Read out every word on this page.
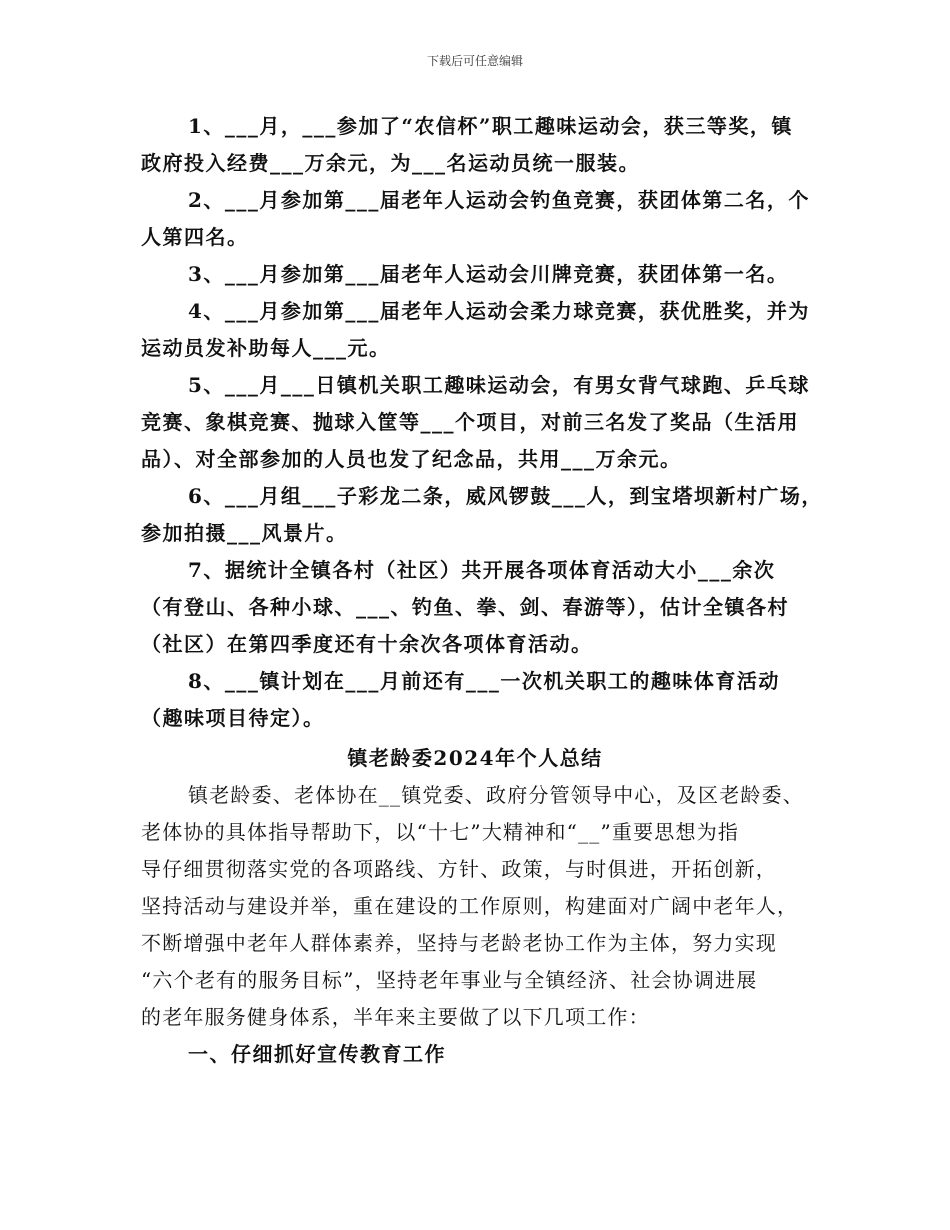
下载后可任意编辑
1、___月，___参加了“农信杯”职工趣味运动会，获三等奖，镇
政府投入经费___万余元，为___名运动员统一服装。
2、___月参加第___届老年人运动会钓鱼竞赛，获团体第二名，个
人第四名。
3、___月参加第___届老年人运动会川牌竞赛，获团体第一名。
4、___月参加第___届老年人运动会柔力球竞赛，获优胜奖，并为
运动员发补助每人___元。
5、___月___日镇机关职工趣味运动会，有男女背气球跑、乒乓球
竞赛、象棋竞赛、抛球入筐等___个项目，对前三名发了奖品（生活用
品）、对全部参加的人员也发了纪念品，共用___万余元。
6、___月组___子彩龙二条，威风锣鼓___人，到宝塔坝新村广场，
参加拍摄___风景片。
7、据统计全镇各村（社区）共开展各项体育活动大小___余次
（有登山、各种小球、___、钓鱼、拳、剑、春游等），估计全镇各村
（社区）在第四季度还有十余次各项体育活动。
8、___镇计划在___月前还有___一次机关职工的趣味体育活动
（趣味项目待定）。
镇老龄委2024年个人总结
镇老龄委、老体协在__镇党委、政府分管领导中心，及区老龄委、
老体协的具体指导帮助下，以“十七”大精神和“__”重要思想为指
导仔细贯彻落实党的各项路线、方针、政策，与时俱进，开拓创新，
坚持活动与建设并举，重在建设的工作原则，构建面对广阔中老年人，
不断增强中老年人群体素养，坚持与老龄老协工作为主体，努力实现
“六个老有的服务目标”，坚持老年事业与全镇经济、社会协调进展
的老年服务健身体系，半年来主要做了以下几项工作：
一、仔细抓好宣传教育工作
